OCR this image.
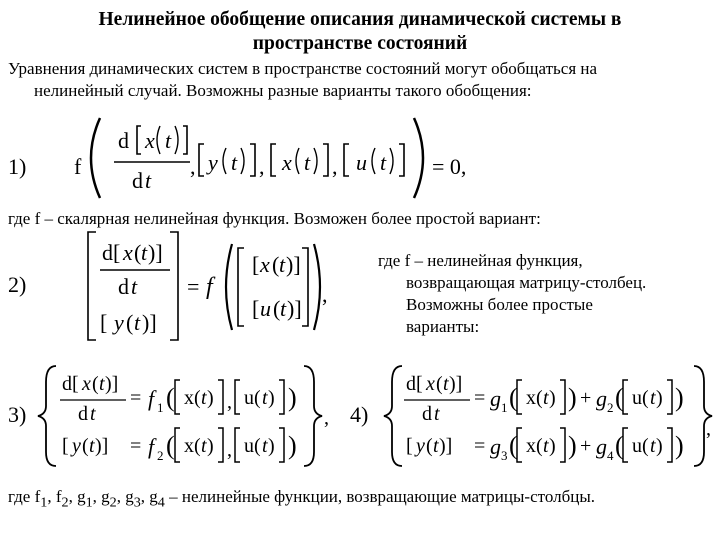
Нелинейное обобщение описания динамической системы в
пространстве состояний
Уравнения динамических систем в пространстве состояний могут обобщаться на
нелинейный случай. Возможны разные варианты такого обобщения:
1) f
d x t
d t
, y t , x t , u t = 0,
где f – скалярная нелинейная функция. Возможен более простой вариант:
2)
d[ x ( t )]
d t
[ y ( t )]
= f
[ x ( t )]
[ u ( t )]
,
где f – нелинейная функция,
возвращающая матрицу-столбец.
Возможны более простые
варианты:
3)
d[ x ( t )]
d t
= f 1 ( x( t ) , u( t ) )
[ y ( t )] = f 2 ( x( t ) , u( t ) )
, 4)
d[ x ( t )]
d t
= g 1 ( x( t ) ) + g 2 ( u( t ) )
[ y ( t )] = g 3 ( x( t ) ) + g 4 ( u( t ) )
,
где $f_1$, $f_2$, $g_1$, $g_2$, $g_3$, $g_4$ – нелинейные функции, возвращающие матрицы-столбцы.
